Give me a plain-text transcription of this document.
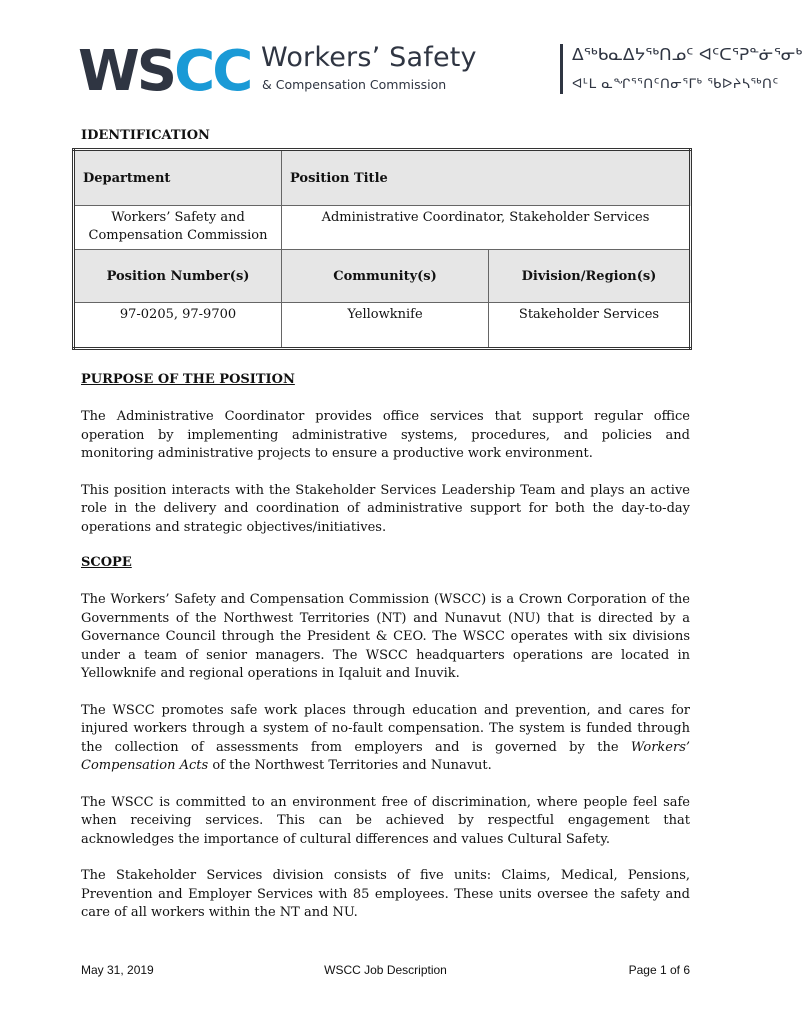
WSCC Workers’ Safety
& Compensation Commission
ᐃᖅᑲᓇᐃᔭᖅᑎᓄᑦ ᐊᑦᑕᕐᕈᓐᓃᕐᓂᒃ
ᐊᒻᒪ ᓇᖏᕐᕐᑎᑦᑎᓂᕐᒥᒃ ᖃᐅᔨᓴᖅᑎᑦ
IDENTIFICATION
Department	Position Title	
Workers’ Safety and Compensation Commission	Administrative Coordinator, Stakeholder Services	
Position Number(s)	Community(s)	Division/Region(s)
97-0205, 97-9700	Yellowknife	Stakeholder Services
PURPOSE OF THE POSITION

The Administrative Coordinator provides office services that support regular office operation by implementing administrative systems, procedures, and policies and monitoring administrative projects to ensure a productive work environment.

This position interacts with the Stakeholder Services Leadership Team and plays an active role in the delivery and coordination of administrative support for both the day-to-day operations and strategic objectives/initiatives.

SCOPE

The Workers’ Safety and Compensation Commission (WSCC) is a Crown Corporation of the Governments of the Northwest Territories (NT) and Nunavut (NU) that is directed by a Governance Council through the President & CEO. The WSCC operates with six divisions under a team of senior managers. The WSCC headquarters operations are located in Yellowknife and regional operations in Iqaluit and Inuvik.

The WSCC promotes safe work places through education and prevention, and cares for injured workers through a system of no-fault compensation. The system is funded through the collection of assessments from employers and is governed by the Workers’ Compensation Acts of the Northwest Territories and Nunavut.

The WSCC is committed to an environment free of discrimination, where people feel safe when receiving services. This can be achieved by respectful engagement that acknowledges the importance of cultural differences and values Cultural Safety.

The Stakeholder Services division consists of five units: Claims, Medical, Pensions, Prevention and Employer Services with 85 employees. These units oversee the safety and care of all workers within the NT and NU.

May 31, 2019	WSCC Job Description	Page 1 of 6
